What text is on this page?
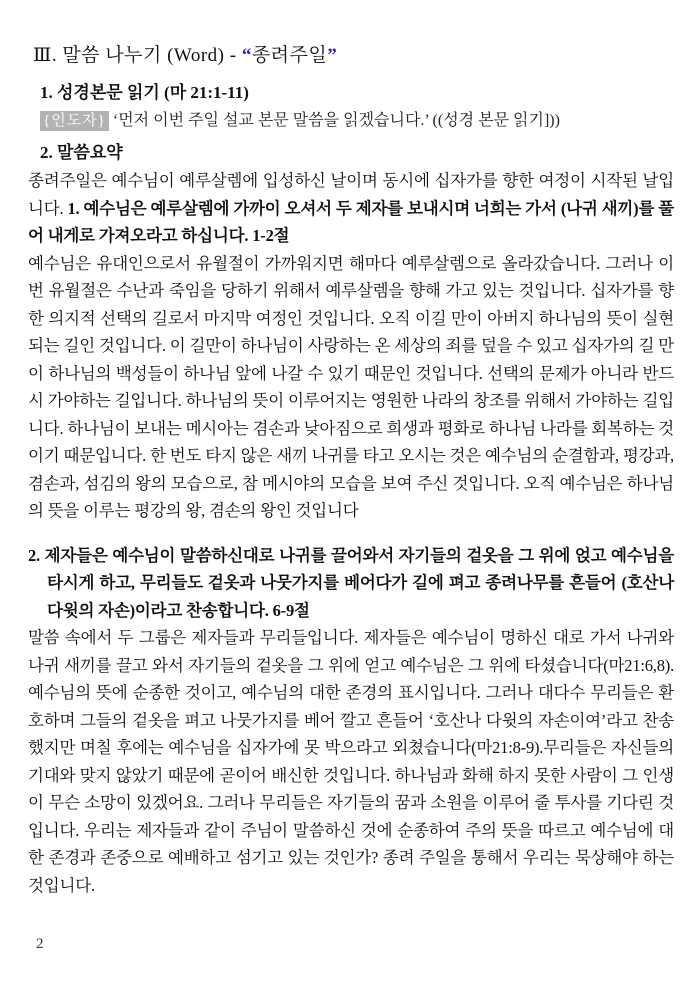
Ⅲ. 말씀 나누기 (Word) - “종려주일”
1. 성경본문 읽기 (마 21:1-11)
{인도자} ‘먼저 이번 주일 설교 본문 말씀을 읽겠습니다.’ ((성경 본문 읽기]))
2. 말씀요약

종려주일은 예수님이 예루살렘에 입성하신 날이며 동시에 십자가를 향한 여정이 시작된 날입니다. 1. 예수님은 예루살렘에 가까이 오셔서 두 제자를 보내시며 너희는 가서 (나귀 새끼)를 풀어 내게로 가져오라고 하십니다. 1-2절

예수님은 유대인으로서 유월절이 가까워지면 해마다 예루살렘으로 올라갔습니다. 그러나 이번 유월절은 수난과 죽임을 당하기 위해서 예루살렘을 향해 가고 있는 것입니다. 십자가를 향한 의지적 선택의 길로서 마지막 여정인 것입니다. 오직 이길 만이 아버지 하나님의 뜻이 실현 되는 길인 것입니다. 이 길만이 하나님이 사랑하는 온 세상의 죄를 덮을 수 있고 십자가의 길 만이 하나님의 백성들이 하나님 앞에 나갈 수 있기 때문인 것입니다. 선택의 문제가 아니라 반드시 가야하는 길입니다. 하나님의 뜻이 이루어지는 영원한 나라의 창조를 위해서 가야하는 길입니다. 하나님이 보내는 메시아는 겸손과 낮아짐으로 희생과 평화로 하나님 나라를 회복하는 것이기 때문입니다. 한 번도 타지 않은 새끼 나귀를 타고 오시는 것은 예수님의 순결함과, 평강과, 겸손과, 섬김의 왕의 모습으로, 참 메시야의 모습을 보여 주신 것입니다. 오직 예수님은 하나님의 뜻을 이루는 평강의 왕, 겸손의 왕인 것입니다

2. 제자들은 예수님이 말씀하신대로 나귀를 끌어와서 자기들의 겉옷을 그 위에 얹고 예수님을 타시게 하고, 무리들도 겉옷과 나뭇가지를 베어다가 길에 펴고 종려나무를 흔들어 (호산나 다윗의 자손)이라고 찬송합니다. 6-9절

말씀 속에서 두 그룹은 제자들과 무리들입니다. 제자들은 예수님이 명하신 대로 가서 나귀와 나귀 새끼를 끌고 와서 자기들의 겉옷을 그 위에 얻고 예수님은 그 위에 타셨습니다(마21:6,8). 예수님의 뜻에 순종한 것이고, 예수님의 대한 존경의 표시입니다. 그러나 대다수 무리들은 환호하며 그들의 겉옷을 펴고 나뭇가지를 베어 깔고 흔들어 ‘호산나 다윗의 자손이여’라고 찬송 했지만 며칠 후에는 예수님을 십자가에 못 박으라고 외쳤습니다(마21:8-9).무리들은 자신들의 기대와 맞지 않았기 때문에 곧이어 배신한 것입니다. 하나님과 화해 하지 못한 사람이 그 인생이 무슨 소망이 있겠어요. 그러나 무리들은 자기들의 꿈과 소원을 이루어 줄 투사를 기다린 것입니다. 우리는 제자들과 같이 주님이 말씀하신 것에 순종하여 주의 뜻을 따르고 예수님에 대한 존경과 존중으로 예배하고 섬기고 있는 것인가? 종려 주일을 통해서 우리는 묵상해야 하는 것입니다.

2
